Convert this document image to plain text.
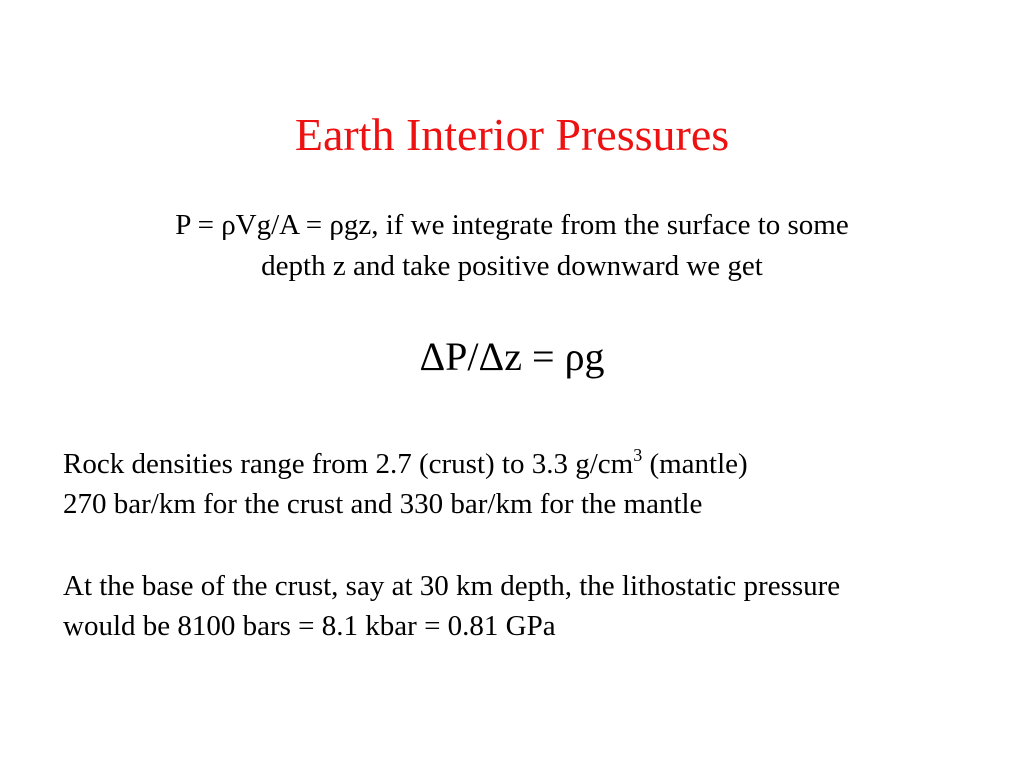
Earth Interior Pressures
P = ρVg/A = ρgz, if we integrate from the surface to some
depth z and take positive downward we get
ΔP/Δz = ρg
Rock densities range from 2.7 (crust) to 3.3 $g/cm^3$ (mantle)
270 bar/km for the crust and 330 bar/km for the mantle
At the base of the crust, say at 30 km depth, the lithostatic pressure
would be 8100 bars = 8.1 kbar = 0.81 GPa
